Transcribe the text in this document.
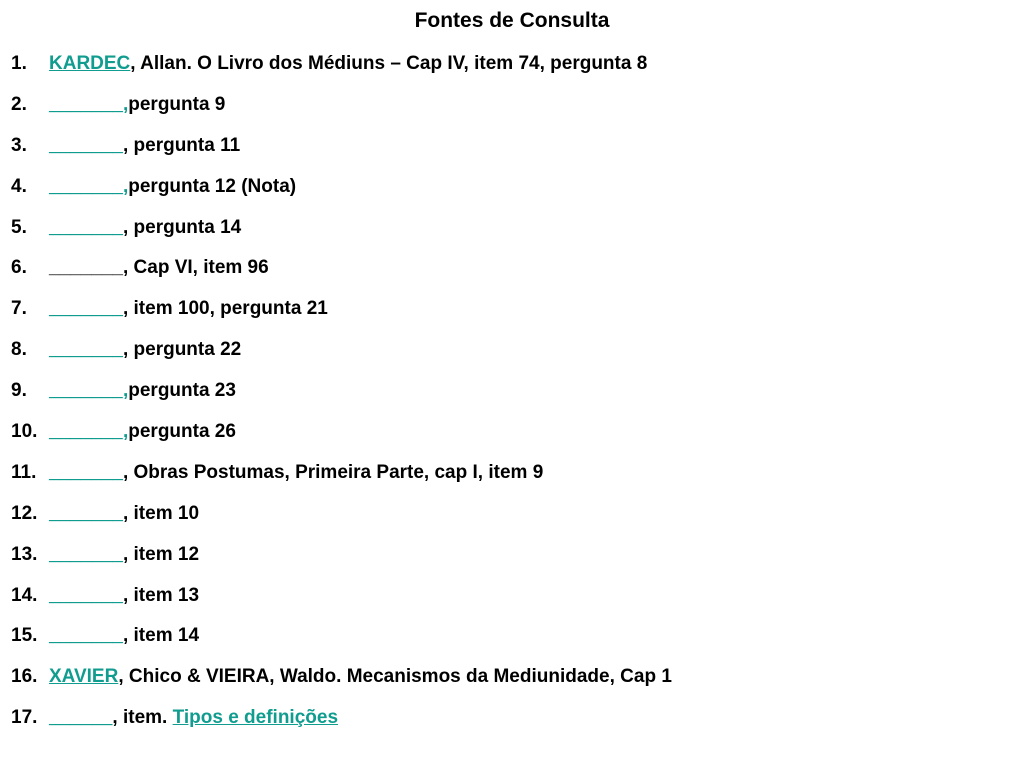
Fontes de Consulta
1.	KARDEC , Allan. O Livro dos Médiuns – Cap IV, item 74, pergunta 8
2.	_______, pergunta 9
3.	_______ , pergunta 11
4.	_______, pergunta 12 (Nota)
5.	_______ , pergunta 14
6.	_______ , Cap VI, item 96
7.	_______ , item 100, pergunta 21
8.	_______ , pergunta 22
9.	_______, pergunta 23
10. _______, pergunta 26
11. _______ , Obras Postumas, Primeira Parte, cap I, item 9
12. _______ , item 10
13. _______ , item 12
14. _______ , item 13
15. _______ , item 14
16. XAVIER , Chico & VIEIRA, Waldo. Mecanismos da Mediunidade, Cap 1
17. ______ , item. Tipos e definições
